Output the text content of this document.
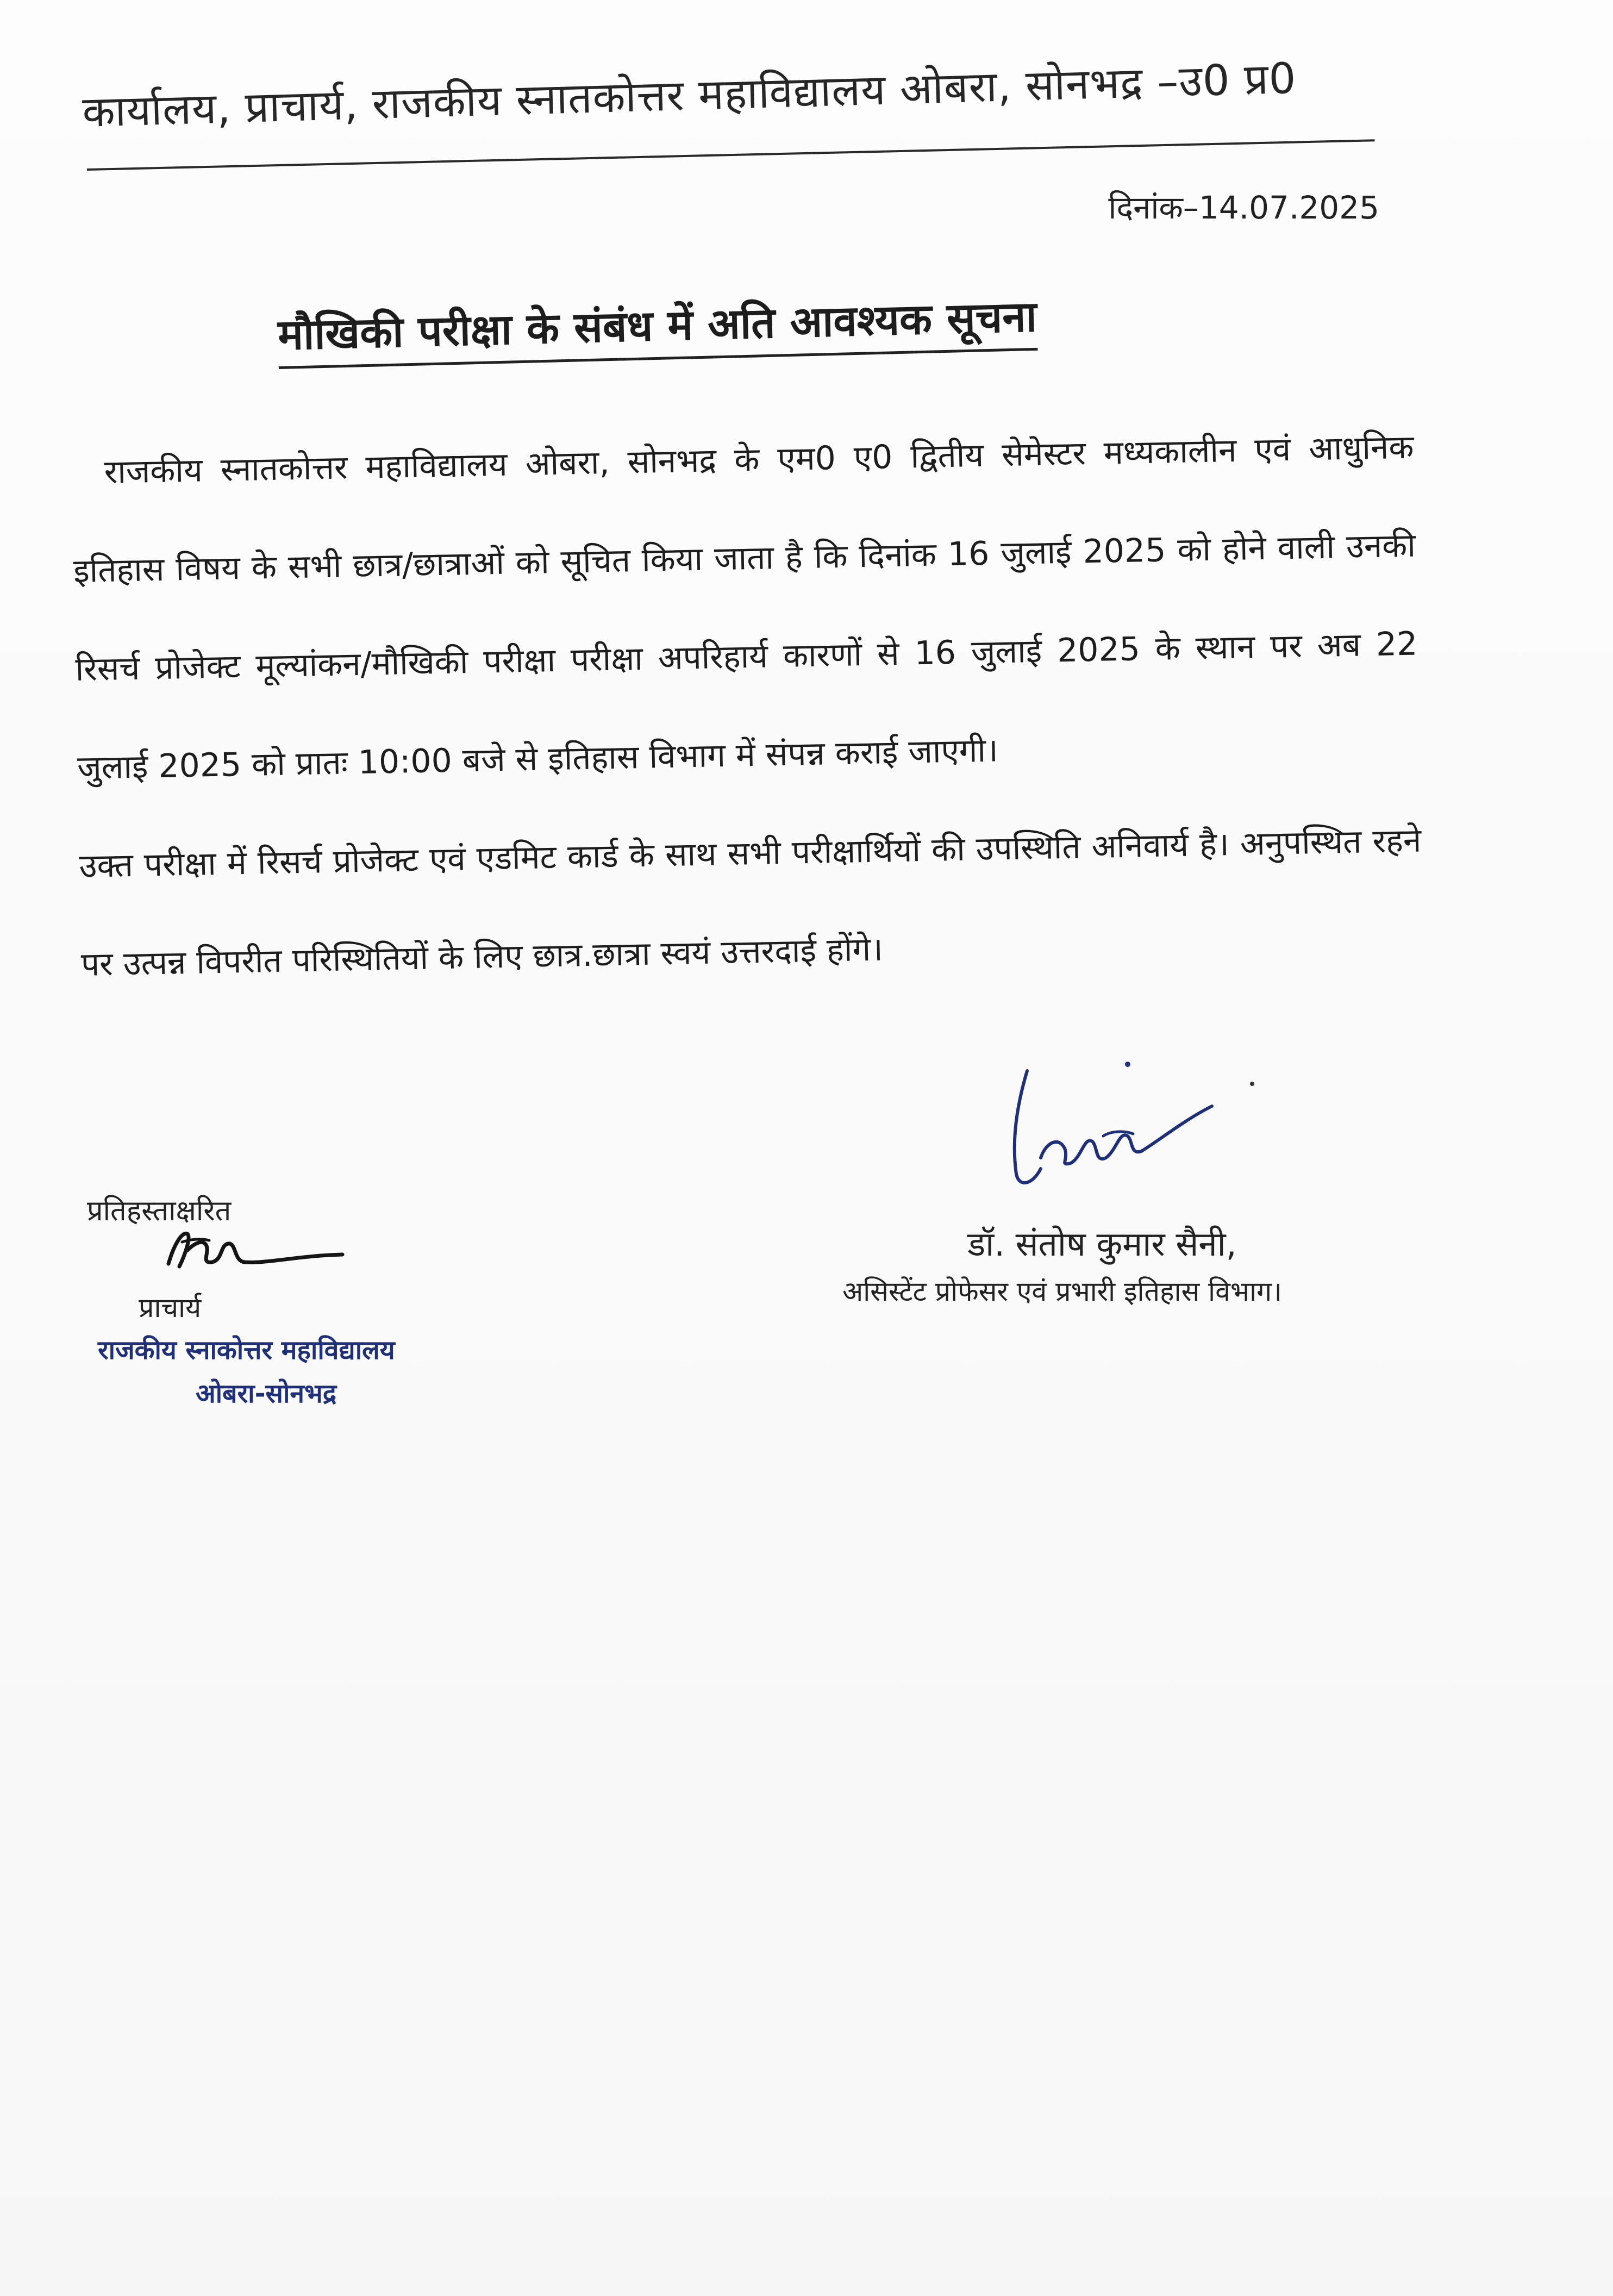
कार्यालय, प्राचार्य, राजकीय स्नातकोत्तर महाविद्यालय ओबरा, सोनभद्र –उ0 प्र0
दिनांक–14.07.2025
मौखिकी परीक्षा के संबंध में अति आवश्यक सूचना

राजकीय स्नातकोत्तर महाविद्यालय ओबरा, सोनभद्र के एम0 ए0 द्वितीय सेमेस्टर मध्यकालीन एवं आधुनिक इतिहास विषय के सभी छात्र/छात्राओं को सूचित किया जाता है कि दिनांक 16 जुलाई 2025 को होने वाली उनकी रिसर्च प्रोजेक्ट मूल्यांकन/मौखिकी परीक्षा परीक्षा अपरिहार्य कारणों से 16 जुलाई 2025 के स्थान पर अब 22 जुलाई 2025 को प्रातः 10:00 बजे से इतिहास विभाग में संपन्न कराई जाएगी।

उक्त परीक्षा में रिसर्च प्रोजेक्ट एवं एडमिट कार्ड के साथ सभी परीक्षार्थियों की उपस्थिति अनिवार्य है। अनुपस्थित रहने पर उत्पन्न विपरीत परिस्थितियों के लिए छात्र.छात्रा स्वयं उत्तरदाई होंगे।

प्रतिहस्ताक्षरित
प्राचार्य
राजकीय स्नाकोत्तर महाविद्यालय
ओबरा-सोनभद्र
डॉ. संतोष कुमार सैनी,
असिस्टेंट प्रोफेसर एवं प्रभारी इतिहास विभाग।
